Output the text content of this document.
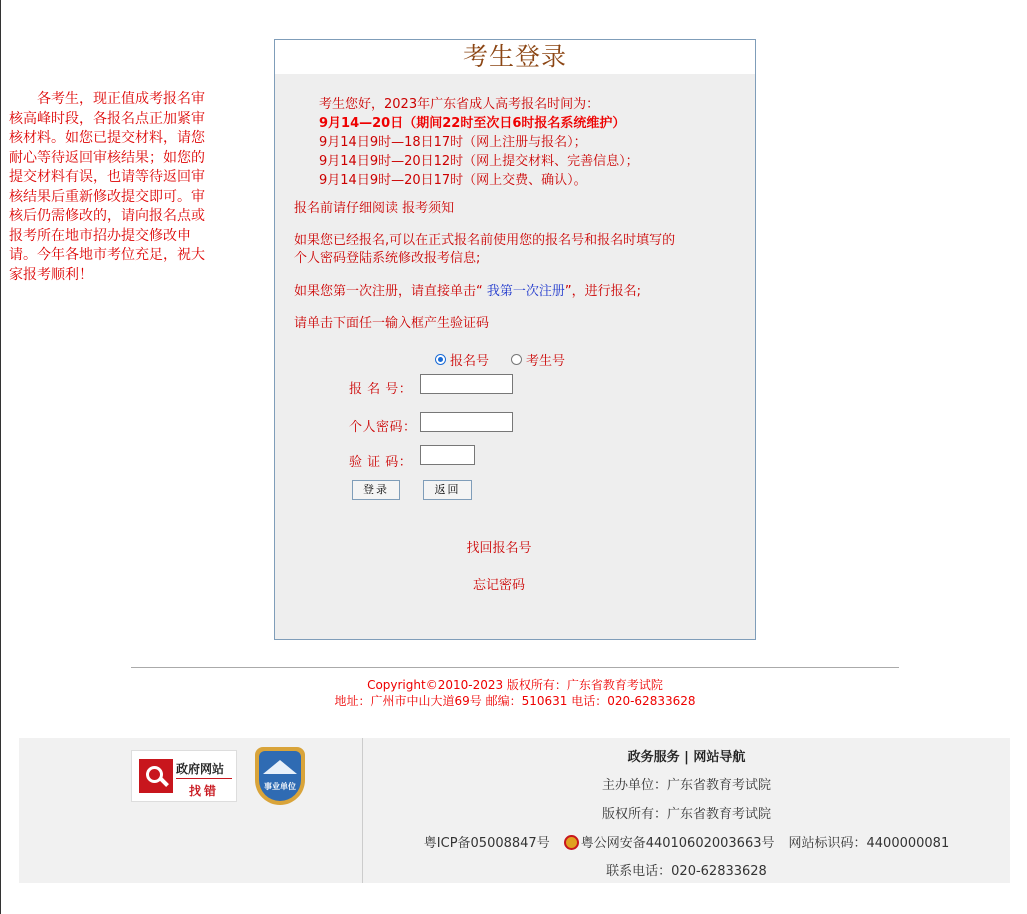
各考生，现正值成考报名审核高峰时段，各报名点正加紧审核材料。如您已提交材料，请您耐心等待返回审核结果；如您的提交材料有误，也请等待返回审核结果后重新修改提交即可。审核后仍需修改的，请向报名点或报考所在地市招办提交修改申请。今年各地市考位充足，祝大家报考顺利！
考生登录
考生您好，2023年广东省成人高考报名时间为：
9月14—20日（期间22时至次日6时报名系统维护）
9月14日9时—18日17时（网上注册与报名）；
9月14日9时—20日12时（网上提交材料、完善信息）；
9月14日9时—20日17时（网上交费、确认）。
报名前请仔细阅读 报考须知
如果您已经报名,可以在正式报名前使用您的报名号和报名时填写的
个人密码登陆系统修改报考信息;
如果您第一次注册，请直接单击“ 我第一次注册”，进行报名;
请单击下面任一输入框产生验证码
报名号	考生号
报 名 号：
个人密码：
验 证 码：
登录	返回
找回报名号
忘记密码
Copyright©2010-2023 版权所有：广东省教育考试院
地址：广州市中山大道69号 邮编：510631 电话：020-62833628
政府网站
找错	事业单位
政务服务 | 网站导航
主办单位：广东省教育考试院
版权所有：广东省教育考试院
粤ICP备05008847号 粤公网安备44010602003663号 网站标识码：4400000081
联系电话：020-62833628
